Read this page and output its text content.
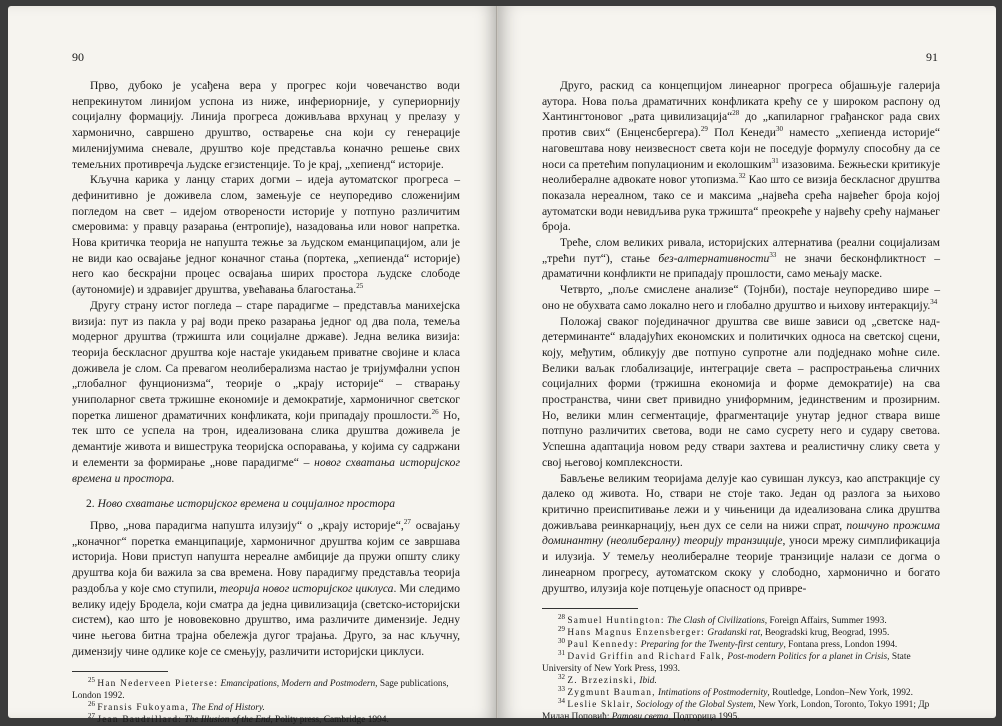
90

Прво, дубоко је усађена вера у прогрес који човечанство води непрекинутом линијом успона из ниже, инфериорније, у супериорнију социјалну формацију. Линија прогреса доживљава врхунац у прелазу у хармонично, савршено друштво, остварење сна који су генерације миленијумима сневале, друштво које представља коначно решење свих темељних противречја људске егзистенције. То је крај, „хепиенд“ историје.

Кључна карика у ланцу старих догми – идеја аутоматског прогреса – дефинитивно је доживела слом, замењује се неупоредиво сложенијим погледом на свет – идејом отворености историје у потпуно различитим смеровима: у правцу разарања (ентропије), назадовања или новог напретка. Нова критичка теорија не напушта тежње за људском еманципацијом, али је не види као освајање једног коначног стања (портека, „хепиенда“ историје) него као бескрајни процес освајања ширих простора људске слободе (аутономије) и здравијег друштва, увећавања благостања.$^{25}$

Другу страну истог погледа – старе парадигме – представља манихејска визија: пут из пакла у рај води преко разарања једног од два пола, темеља модерног друштва (тржишта или социјалне државе). Једна велика визија: теорија бескласног друштва које настаје укидањем приватне својине и класа доживела је слом. Са превагом неолиберализма настао је тријумфални успон „глобалног фунционизма“, теорије о „крају историје“ – стварању униполарног света тржишне економије и демократије, хармоничног светског поретка лишеног драматичних конфликата, који припадају прошлости.$^{26}$ Но, тек што се успела на трон, идеализована слика друштва доживела је демантије живота и вишеструка теоријска оспоравања, у којима су садржани и елементи за формирање „нове парадигме“ – новог схватања историјског времена и простора.

2. Ново схватање историјског времена и социјалног простора

Прво, „нова парадигма напушта илузију“ о „крају историје“,$^{27}$ освајању „коначног“ поретка еманципације, хармоничног друштва којим се завршава историја. Нови приступ напушта нереалне амбиције да пружи општу слику друштва која би важила за сва времена. Нову парадигму представља теорија раздобља у које смо ступили, теорија новог историјског циклуса. Ми следимо велику идеју Бродела, који сматра да једна цивилизација (светско-историјски систем), као што је нововековно друштво, има различите димензије. Једну чине његова битна трајна обележја дугог трајања. Друго, за нас кључну, димензију чине одлике које се смењују, различити историјски циклуси.

$^{25}$ Han Nederveen Pieterse: Emancipations, Modern and Postmodern, Sage publications, London 1992.
$^{26}$ Fransis Fukoyama, The End of History.
$^{27}$ Jean Baudrillard: The Illusion of the End, Polity press, Cambridge 1994.
91

Друго, раскид са концепцијом линеарног прогреса објашњује галерија аутора. Нова поља драматичних конфликата крећу се у широком распону од Хантингтоновог „рата цивилизација“$^{28}$ до „капиларног грађанског рада свих против свих“ (Енценсбергера).$^{29}$ Пол Кенеди$^{30}$ наместо „хепиенда историје“ наговештава нову неизвесност света који не поседује формулу способну да се носи са претећим популационим и еколошким$^{31}$ изазовима. Бежњески критикује неолибералне адвокате новог утопизма.$^{32}$ Као што се визија бескласног друштва показала нереалном, тако се и максима „највећа срећа највећег броја којој аутоматски води невидљива рука тржишта“ преокреће у највећу срећу најмањег броја.

Треће, слом великих ривала, историјских алтернатива (реални социјализам „трећи пут“), стање без-алтернативности$^{33}$ не значи бесконфликтност – драматични конфликти не припадају прошлости, само мењају маске.

Четврто, „поље смислене анализе“ (Тојнби), постаје неупоредиво шире – оно не обухвата само локално него и глобално друштво и њихову интеракцију.$^{34}$

Положај сваког појединачног друштва све више зависи од „светске над-детерминанте“ владајућих економских и политичких односа на светској сцени, коју, међутим, обликују две потпуно супротне али подједнако моћне силе. Велики ваљак глобализације, интеграције света – распрострањења сличних социјалних форми (тржишна економија и форме демократије) на сва пространства, чини свет привидно униформним, јединственим и прозирним. Но, велики млин сегментације, фрагментације унутар једног стварa више потпуно различитих светова, води не само сусрету него и судару светова. Успешна адаптација новом реду ствари захтева и реалистичну слику света у свој његовој комплексности.

Бављење великим теоријама делује као сувишан луксуз, као апстракције су далеко од живота. Но, ствари не стоје тако. Један од разлога за њихово критично преиспитивање лежи и у чињеници да идеализована слика друштва доживљава реинкарнацију, њен дух се сели на нижи спрат, пошчуно прожима доминантну (неолибералну) теорију транзиције, уноси мрежу симплификација и илузија. У темељу неолибералне теорије транзиције налази се догма о линеарном прогресу, аутоматском скоку у слободно, хармонично и богато друштво, илузија које потцењује опасност од привре-

$^{28}$ Samuel Huntington: The Clash of Civilizations, Foreign Affairs, Summer 1993.
$^{29}$ Hans Magnus Enzensberger: Gradanski rat, Beogradski krug, Beograd, 1995.
$^{30}$ Paul Kennedy: Preparing for the Twenty-first century, Fontana press, London 1994.
$^{31}$ David Griffin and Richard Falk, Post-modern Politics for a planet in Crisis, State University of New York Press, 1993.
$^{32}$ Z. Brzezinski, Ibid.
$^{33}$ Zygmunt Bauman, Intimations of Postmodernity, Routledge, London–New York, 1992.
$^{34}$ Leslie Sklair, Sociology of the Global System, New York, London, Toronto, Tokyo 1991; Др Милан Поповић: Ратови света, Подгорица 1995.
